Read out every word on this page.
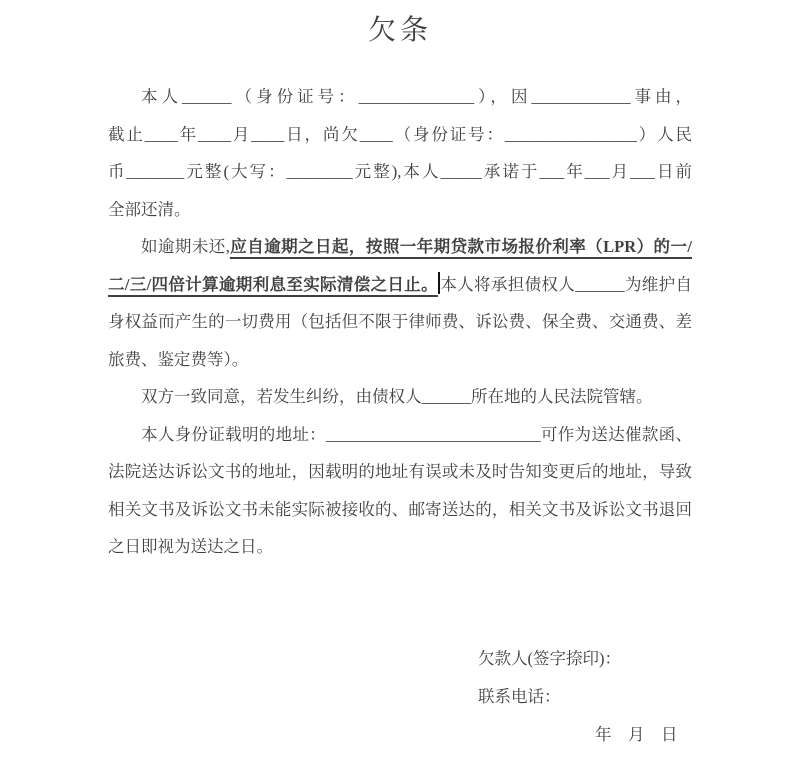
欠条
本人______（身份证号：______________），因____________事由，
截止____年____月____日，尚欠____（身份证号：________________）人民
币_______元整(大写：________元整),本人_____承诺于___年___月___日前
全部还清。
如逾期未还,应自逾期之日起，按照一年期贷款市场报价利率（LPR）的一/
二/三/四倍计算逾期利息至实际清偿之日止。 本人将承担债权人______为维护自
身权益而产生的一切费用（包括但不限于律师费、诉讼费、保全费、交通费、差
旅费、鉴定费等）。
双方一致同意，若发生纠纷，由债权人______所在地的人民法院管辖。
本人身份证载明的地址：__________________________可作为送达催款函、
法院送达诉讼文书的地址，因载明的地址有误或未及时告知变更后的地址，导致
相关文书及诉讼文书未能实际被接收的、邮寄送达的，相关文书及诉讼文书退回
之日即视为送达之日。
欠款人(签字捺印)：
联系电话：
年　月　日
